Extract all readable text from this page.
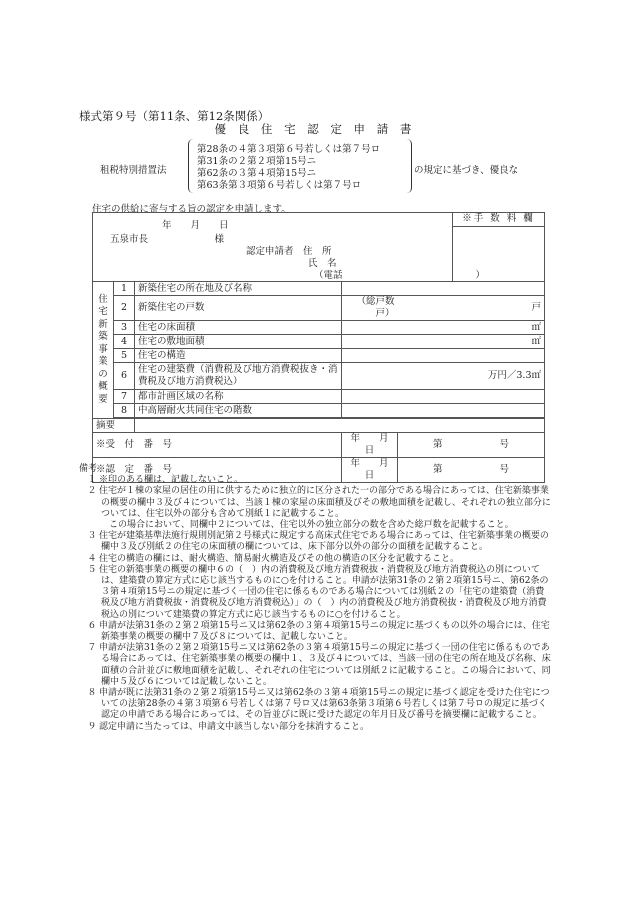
様式第９号（第11条、第12条関係）
優 良 住 宅 認 定 申 請 書
租税特別措置法
第28条の４第３項第６号若しくは第７号ロ
第31条の２第２項第15号ニ
第62条の３第４項第15号ニ
第63条第３項第６号若しくは第７号ロ
の規定に基づき、優良な
住宅の供給に寄与する旨の認定を申請します。
※手 数 料 欄
年　　月　　日
五泉市長　　　　　　　様
認定申請者　住　所
氏　名
（電話　　　　　　　　　　　　　　）
住宅新築事業の概要	1	新築住宅の所在地及び名称		
	2	新築住宅の戸数	（総戸数　戸）	戸
	3	住宅の床面積	㎡	
	4	住宅の敷地面積	㎡	
	5	住宅の構造		
	6	住宅の建築費（消費税及び地方消費税抜き・消費税及び地方消費税込）	万円／3.3㎡	
	7	都市計画区域の名称		
	8	中高層耐火共同住宅の階数		

摘要				
※受　付　番　号			年　　月　　日	第　　　　　　号
※認　定　番　号			年　　月　　日	第　　　　　　号
備考
１ ※印のある欄は、記載しないこと。
２ 住宅が１棟の家屋の居住の用に供するために独立的に区分された一の部分である場合にあっては、住宅新築事業の概要の欄中３及び４については、当該１棟の家屋の床面積及びその敷地面積を記載し、それぞれの独立部分については、住宅以外の部分も含めて別紙１に記載すること。
この場合において、同欄中２については、住宅以外の独立部分の数を含めた総戸数を記載すること。
３ 住宅が建築基準法施行規則別記第２号様式に規定する高床式住宅である場合にあっては、住宅新築事業の概要の欄中３及び別紙２の住宅の床面積の欄については、床下部分以外の部分の面積を記載すること。
４ 住宅の構造の欄には、耐火構造、簡易耐火構造及びその他の構造の区分を記載すること。
５ 住宅の新築事業の概要の欄中６の（　）内の消費税及び地方消費税抜・消費税及び地方消費税込の別については、建築費の算定方式に応じ該当するものに○を付けること。申請が法第31条の２第２項第15号ニ、第62条の３第４項第15号ニの規定に基づく一団の住宅に係るものである場合については別紙２の「住宅の建築費（消費税及び地方消費税抜・消費税及び地方消費税込）」の（　）内の消費税及び地方消費税抜・消費税及び地方消費税込の別について建築費の算定方式に応じ該当するものに○を付けること。
６ 申請が法第31条の２第２項第15号ニ又は第62条の３第４項第15号ニの規定に基づくもの以外の場合には、住宅新築事業の概要の欄中７及び８については、記載しないこと。
７ 申請が法第31条の２第２項第15号ニ又は第62条の３第４項第15号ニの規定に基づく一団の住宅に係るものである場合にあっては、住宅新築事業の概要の欄中１、３及び４については、当該一団の住宅の所在地及び名称、床面積の合計並びに敷地面積を記載し、それぞれの住宅については別紙２に記載すること。この場合において、同欄中５及び６については記載しないこと。
８ 申請が既に法第31条の２第２項第15号ニ又は第62条の３第４項第15号ニの規定に基づく認定を受けた住宅についての法第28条の４第３項第６号若しくは第７号ロ又は第63条第３項第６号若しくは第７号ロの規定に基づく認定の申請である場合にあっては、その旨並びに既に受けた認定の年月日及び番号を摘要欄に記載すること。
９ 認定申請に当たっては、申請文中該当しない部分を抹消すること。
